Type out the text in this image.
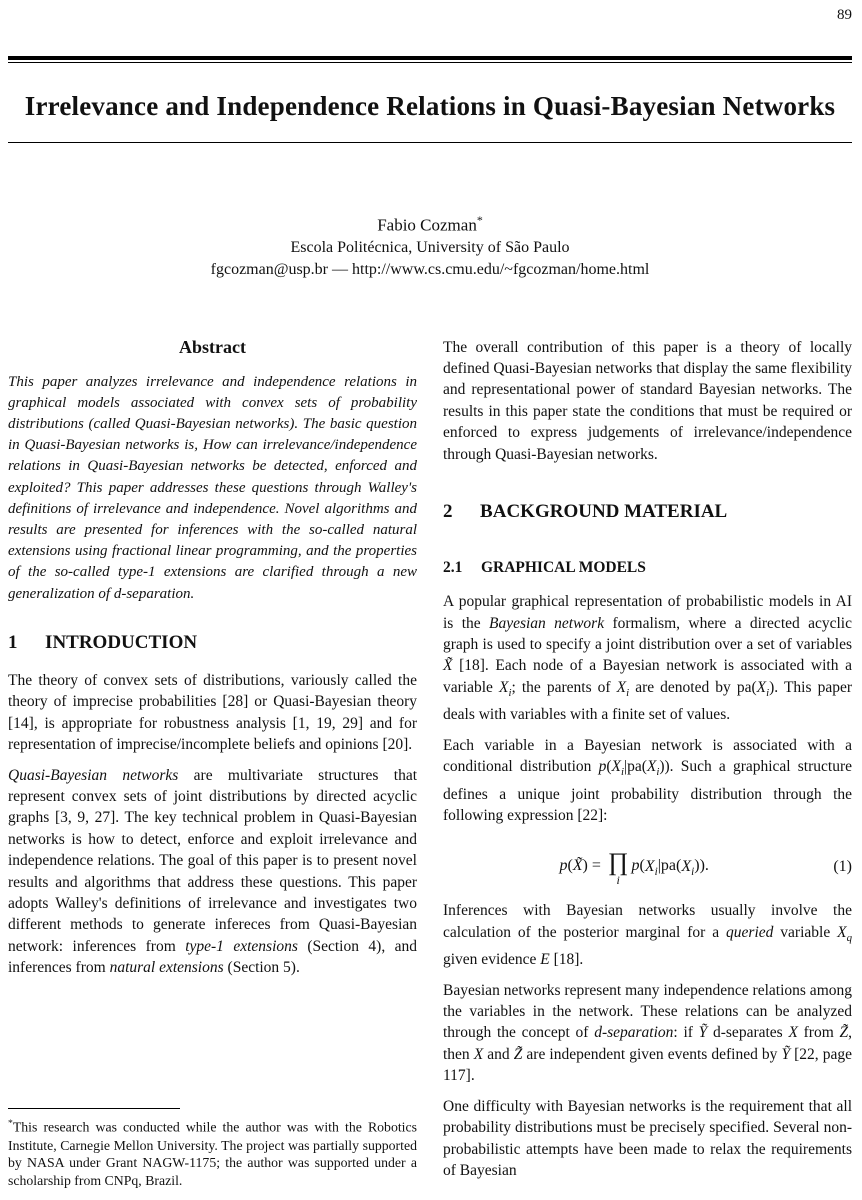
89
Irrelevance and Independence Relations in Quasi-Bayesian Networks
Fabio Cozman*
Escola Politécnica, University of São Paulo
fgcozman@usp.br — http://www.cs.cmu.edu/~fgcozman/home.html
Abstract

This paper analyzes irrelevance and independence relations in graphical models associated with convex sets of probability distributions (called Quasi-Bayesian networks). The basic question in Quasi-Bayesian networks is, How can irrelevance/independence relations in Quasi-Bayesian networks be detected, enforced and exploited? This paper addresses these questions through Walley's definitions of irrelevance and independence. Novel algorithms and results are presented for inferences with the so-called natural extensions using fractional linear programming, and the properties of the so-called type-1 extensions are clarified through a new generalization of d-separation.

1 INTRODUCTION

The theory of convex sets of distributions, variously called the theory of imprecise probabilities [28] or Quasi-Bayesian theory [14], is appropriate for robustness analysis [1, 19, 29] and for representation of imprecise/incomplete beliefs and opinions [20].

Quasi-Bayesian networks are multivariate structures that represent convex sets of joint distributions by directed acyclic graphs [3, 9, 27]. The key technical problem in Quasi-Bayesian networks is how to detect, enforce and exploit irrelevance and independence relations. The goal of this paper is to present novel results and algorithms that address these questions. This paper adopts Walley's definitions of irrelevance and investigates two different methods to generate infereces from Quasi-Bayesian network: inferences from type-1 extensions (Section 4), and inferences from natural extensions (Section 5).

*This research was conducted while the author was with the Robotics Institute, Carnegie Mellon University. The project was partially supported by NASA under Grant NAGW-1175; the author was supported under a scholarship from CNPq, Brazil.

The overall contribution of this paper is a theory of locally defined Quasi-Bayesian networks that display the same flexibility and representational power of standard Bayesian networks. The results in this paper state the conditions that must be required or enforced to express judgements of irrelevance/independence through Quasi-Bayesian networks.

2 BACKGROUND MATERIAL
2.1 GRAPHICAL MODELS

A popular graphical representation of probabilistic models in AI is the Bayesian network formalism, where a directed acyclic graph is used to specify a joint distribution over a set of variables X̃ [18]. Each node of a Bayesian network is associated with a variable $X_i$; the parents of $X_i$ are denoted by $pa(X_i)$. This paper deals with variables with a finite set of values.

Each variable in a Bayesian network is associated with a conditional distribution $p(X_i|pa(X_i))$. Such a graphical structure defines a unique joint probability distribution through the following expression [22]:

p(X̃) = ∏
i
$p(X_i|pa(X_i))$.	(1)

Inferences with Bayesian networks usually involve the calculation of the posterior marginal for a queried variable $X_q$ given evidence E [18].

Bayesian networks represent many independence relations among the variables in the network. These relations can be analyzed through the concept of d-separation: if Ỹ d-separates X from Z̃, then X and Z̃ are independent given events defined by Ỹ [22, page 117].

One difficulty with Bayesian networks is the requirement that all probability distributions must be precisely specified. Several non-probabilistic attempts have been made to relax the requirements of Bayesian
